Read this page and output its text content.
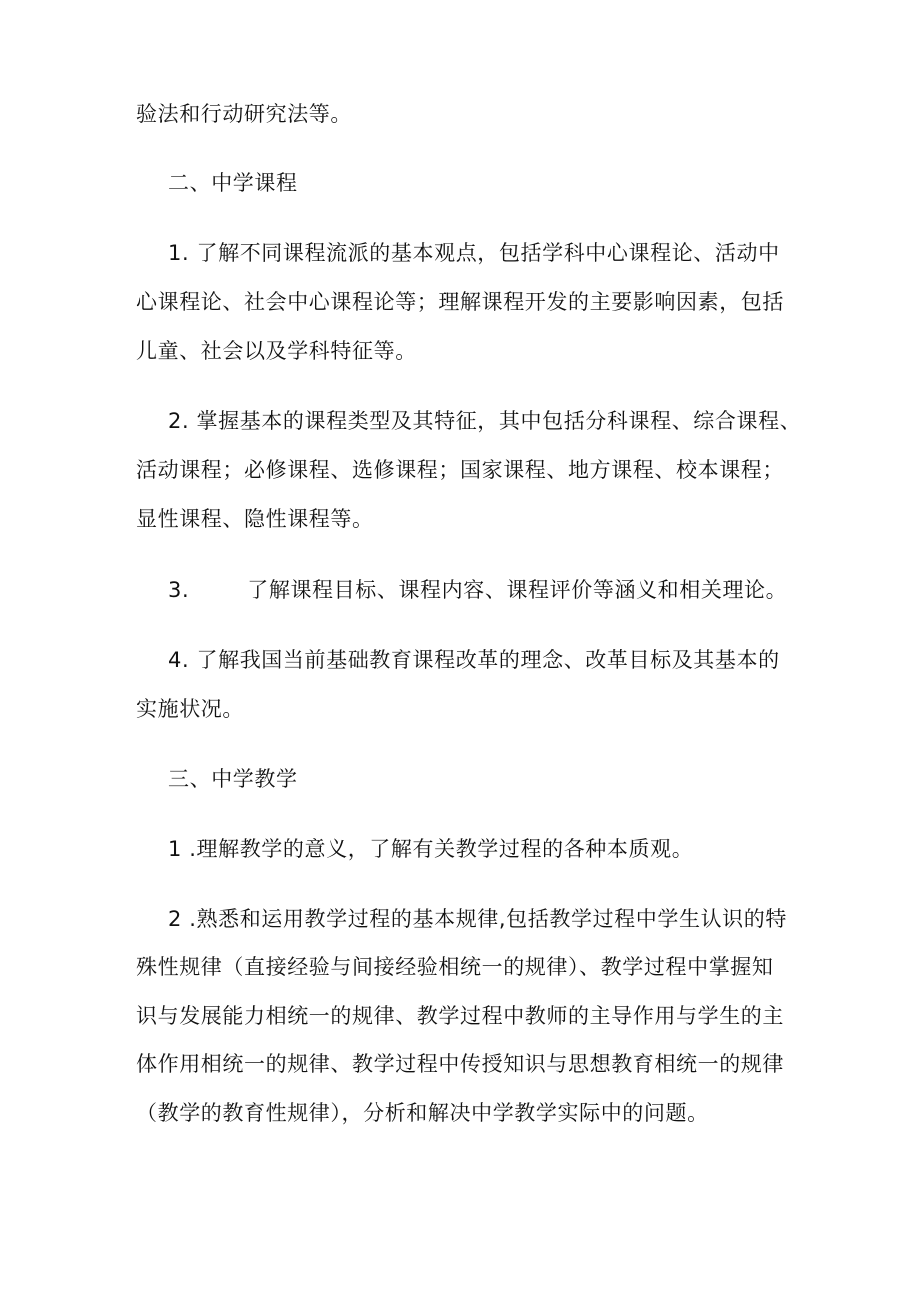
验法和行动研究法等。
二、中学课程
1. 了解不同课程流派的基本观点，包括学科中心课程论、活动中
心课程论、社会中心课程论等；理解课程开发的主要影响因素，包括
儿童、社会以及学科特征等。
2. 掌握基本的课程类型及其特征，其中包括分科课程、综合课程、
活动课程；必修课程、选修课程；国家课程、地方课程、校本课程；
显性课程、隐性课程等。
3.	了解课程目标、课程内容、课程评价等涵义和相关理论。
4. 了解我国当前基础教育课程改革的理念、改革目标及其基本的
实施状况。
三、中学教学
1 .理解教学的意义，了解有关教学过程的各种本质观。
2 .熟悉和运用教学过程的基本规律,包括教学过程中学生认识的特
殊性规律（直接经验与间接经验相统一的规律）、教学过程中掌握知
识与发展能力相统一的规律、教学过程中教师的主导作用与学生的主
体作用相统一的规律、教学过程中传授知识与思想教育相统一的规律
（教学的教育性规律），分析和解决中学教学实际中的问题。
